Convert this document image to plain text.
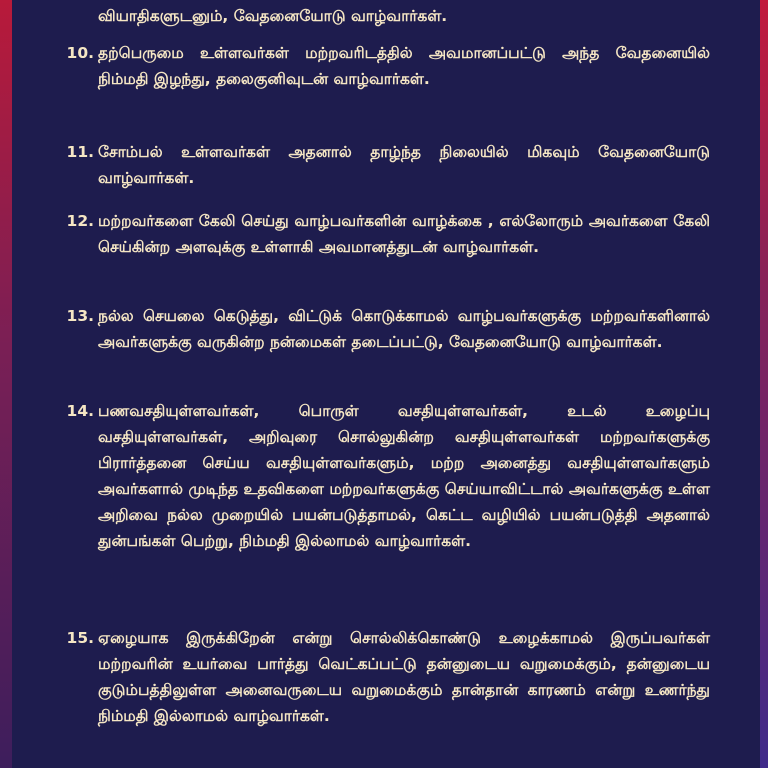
வியாதிகளுடனும், வேதனையோடு வாழ்வார்கள்.
10. தற்பெருமை உள்ளவர்கள் மற்றவரிடத்தில் அவமானப்பட்டு அந்த வேதனையில் நிம்மதி இழந்து, தலைகுனிவுடன் வாழ்வார்கள்.
11. சோம்பல் உள்ளவர்கள் அதனால் தாழ்ந்த நிலையில் மிகவும் வேதனையோடு வாழ்வார்கள்.
12. மற்றவர்களை கேலி செய்து வாழ்பவர்களின் வாழ்க்கை , எல்லோரும் அவர்களை கேலி செய்கின்ற அளவுக்கு உள்ளாகி அவமானத்துடன் வாழ்வார்கள்.
13. நல்ல செயலை கெடுத்து, விட்டுக் கொடுக்காமல் வாழ்பவர்களுக்கு மற்றவர்களினால் அவர்களுக்கு வருகின்ற நன்மைகள் தடைப்பட்டு, வேதனையோடு வாழ்வார்கள்.
14. பணவசதியுள்ளவர்கள், பொருள் வசதியுள்ளவர்கள், உடல் உழைப்பு வசதியுள்ளவர்கள், அறிவுரை சொல்லுகின்ற வசதியுள்ளவர்கள் மற்றவர்களுக்கு பிரார்த்தனை செய்ய வசதியுள்ளவர்களும், மற்ற அனைத்து வசதியுள்ளவர்களும் அவர்களால் முடிந்த உதவிகளை மற்றவர்களுக்கு செய்யாவிட்டால் அவர்களுக்கு உள்ள அறிவை நல்ல முறையில் பயன்படுத்தாமல், கெட்ட வழியில் பயன்படுத்தி அதனால் துன்பங்கள் பெற்று, நிம்மதி இல்லாமல் வாழ்வார்கள்.
15. ஏழையாக இருக்கிறேன் என்று சொல்லிக்கொண்டு உழைக்காமல் இருப்பவர்கள் மற்றவரின் உயர்வை பார்த்து வெட்கப்பட்டு தன்னுடைய வறுமைக்கும், தன்னுடைய குடும்பத்திலுள்ள அனைவருடைய வறுமைக்கும் தான்தான் காரணம் என்று உணர்ந்து நிம்மதி இல்லாமல் வாழ்வார்கள்.
